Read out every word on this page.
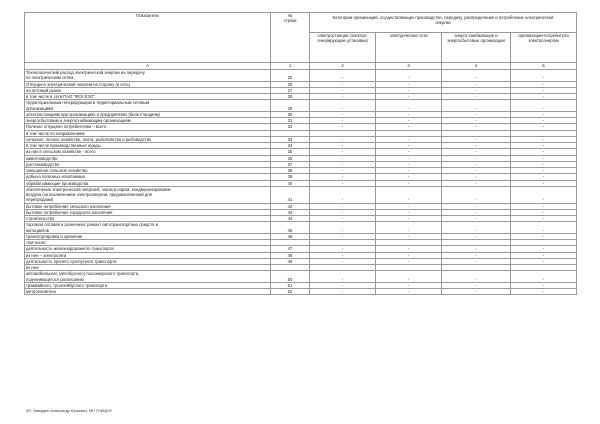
Показатели	№
строки	Категории организаций, осуществляющих производство, передачу, распределение и потребление электрической энергии			
		электростанции (электро-генерирующие установки)	электрические сети	энерго-снабжающие и энергосбытовые организации	организации-потребители электроэнергии
А	1	2	3	4	5
Технологический расход электрической энергии на передачу					
по электрическим сетям	25	-	-	-	-
Отпущено электрической энергии на сторону (в сеть)	26	-	-	-	-
на оптовый рынок	27	-	-	-	-
в том числе в сети ПАО "ФСК ЕЭС"	28	-	-	-	-
территориальным генерирующим и территориальным сетевым					
организациям	29	-	-	-	-
электростанциям при организациях и предприятиях (блок-станциям)	30	-	-	-	-
энергосбытовым и энергоснабжающим организациям	31	-	-	-	-
Полезно отпущено потребителям – всего	32	-	-	-	-
в том числе по направлениям:					
сельское, лесное хозяйство, охота, рыболовство и рыбоводство	33	-	-	-	-
в том числе производственные нужды	34	-	-	-	-
из них в сельском хозяйстве - всего	35	-	-	-	-
животноводство	36	-	-	-	-
растениеводство	37	-	-	-	-
смешанное сельское хозяйство	38	-	-	-	-
добыча полезных ископаемых	39	-	-	-	-
обрабатывающие производства	40	-	-	-	-
обеспечение электрической энергией, газом и паром; кондиционирование					
воздуха (за исключением электроэнергии, предназначенной для					
перепродажи)	41	-	-	-	-
бытовое потребление сельского населения	42	-	-	-	-
бытовое потребление городского населения	43	-	-	-	-
строительство	44	-	-	-	-
торговля оптовая и розничная; ремонт автотранспортных средств и					
мотоциклов	45	-	-	-	-
транспортировка и хранение	46	-	-	-	-
том числе:					
деятельность железнодорожного транспорта	47	-	-	-	-
из нее – электротяга	48	-	-	-	-
деятельность прочего сухопутного транспорта	49	-	-	-	-
из нее:					
автомобильного (автобусного) пассажирского транспорта,					
подчиняющегося расписанию	50	-	-	-	-
трамвайного, троллейбусного транспорта	51	-	-	-	-
метрополитена	52	-	-	-	-
ЗП. Заводкин Александр Юрьевич, МП ГНИЦЕИ
